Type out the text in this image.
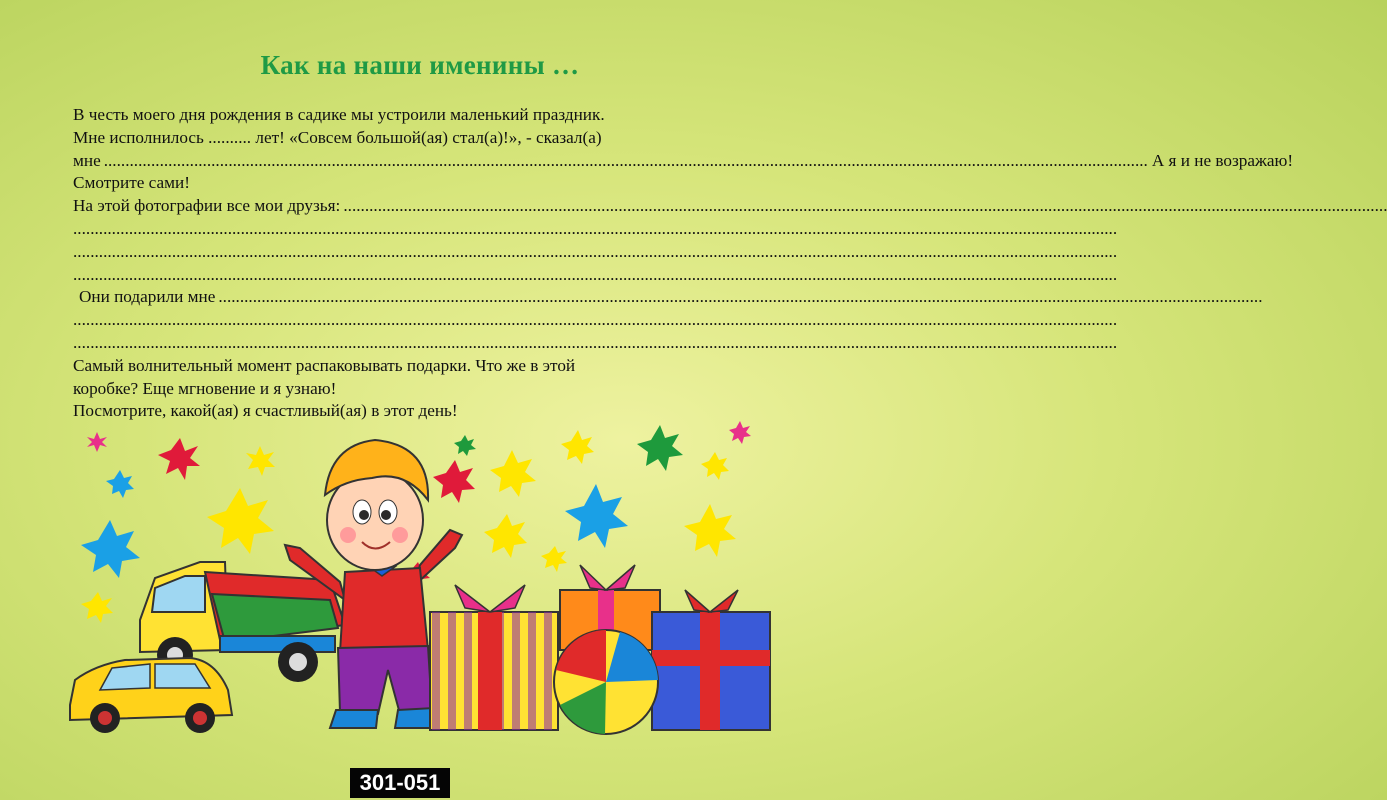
Как на наши именины …
В честь моего дня рождения в садике мы устроили маленький праздник.
Мне исполнилось .......... лет! «Совсем большой(ая) стал(а)!», - сказал(а)
мне ................................................................................................................................................................................................................................................... А я и не возражаю!
Смотрите сами!
На этой фотографии все мои друзья: ...................................................................................................................................................................................................................................................
...................................................................................................................................................................................................................................................
...................................................................................................................................................................................................................................................
...................................................................................................................................................................................................................................................
Они подарили мне ...................................................................................................................................................................................................................................................
...................................................................................................................................................................................................................................................
...................................................................................................................................................................................................................................................
Самый волнительный момент распаковывать подарки. Что же в этой
коробке? Еще мгновение и я узнаю!
Посмотрите, какой(ая) я счастливый(ая) в этот день!
301-051
